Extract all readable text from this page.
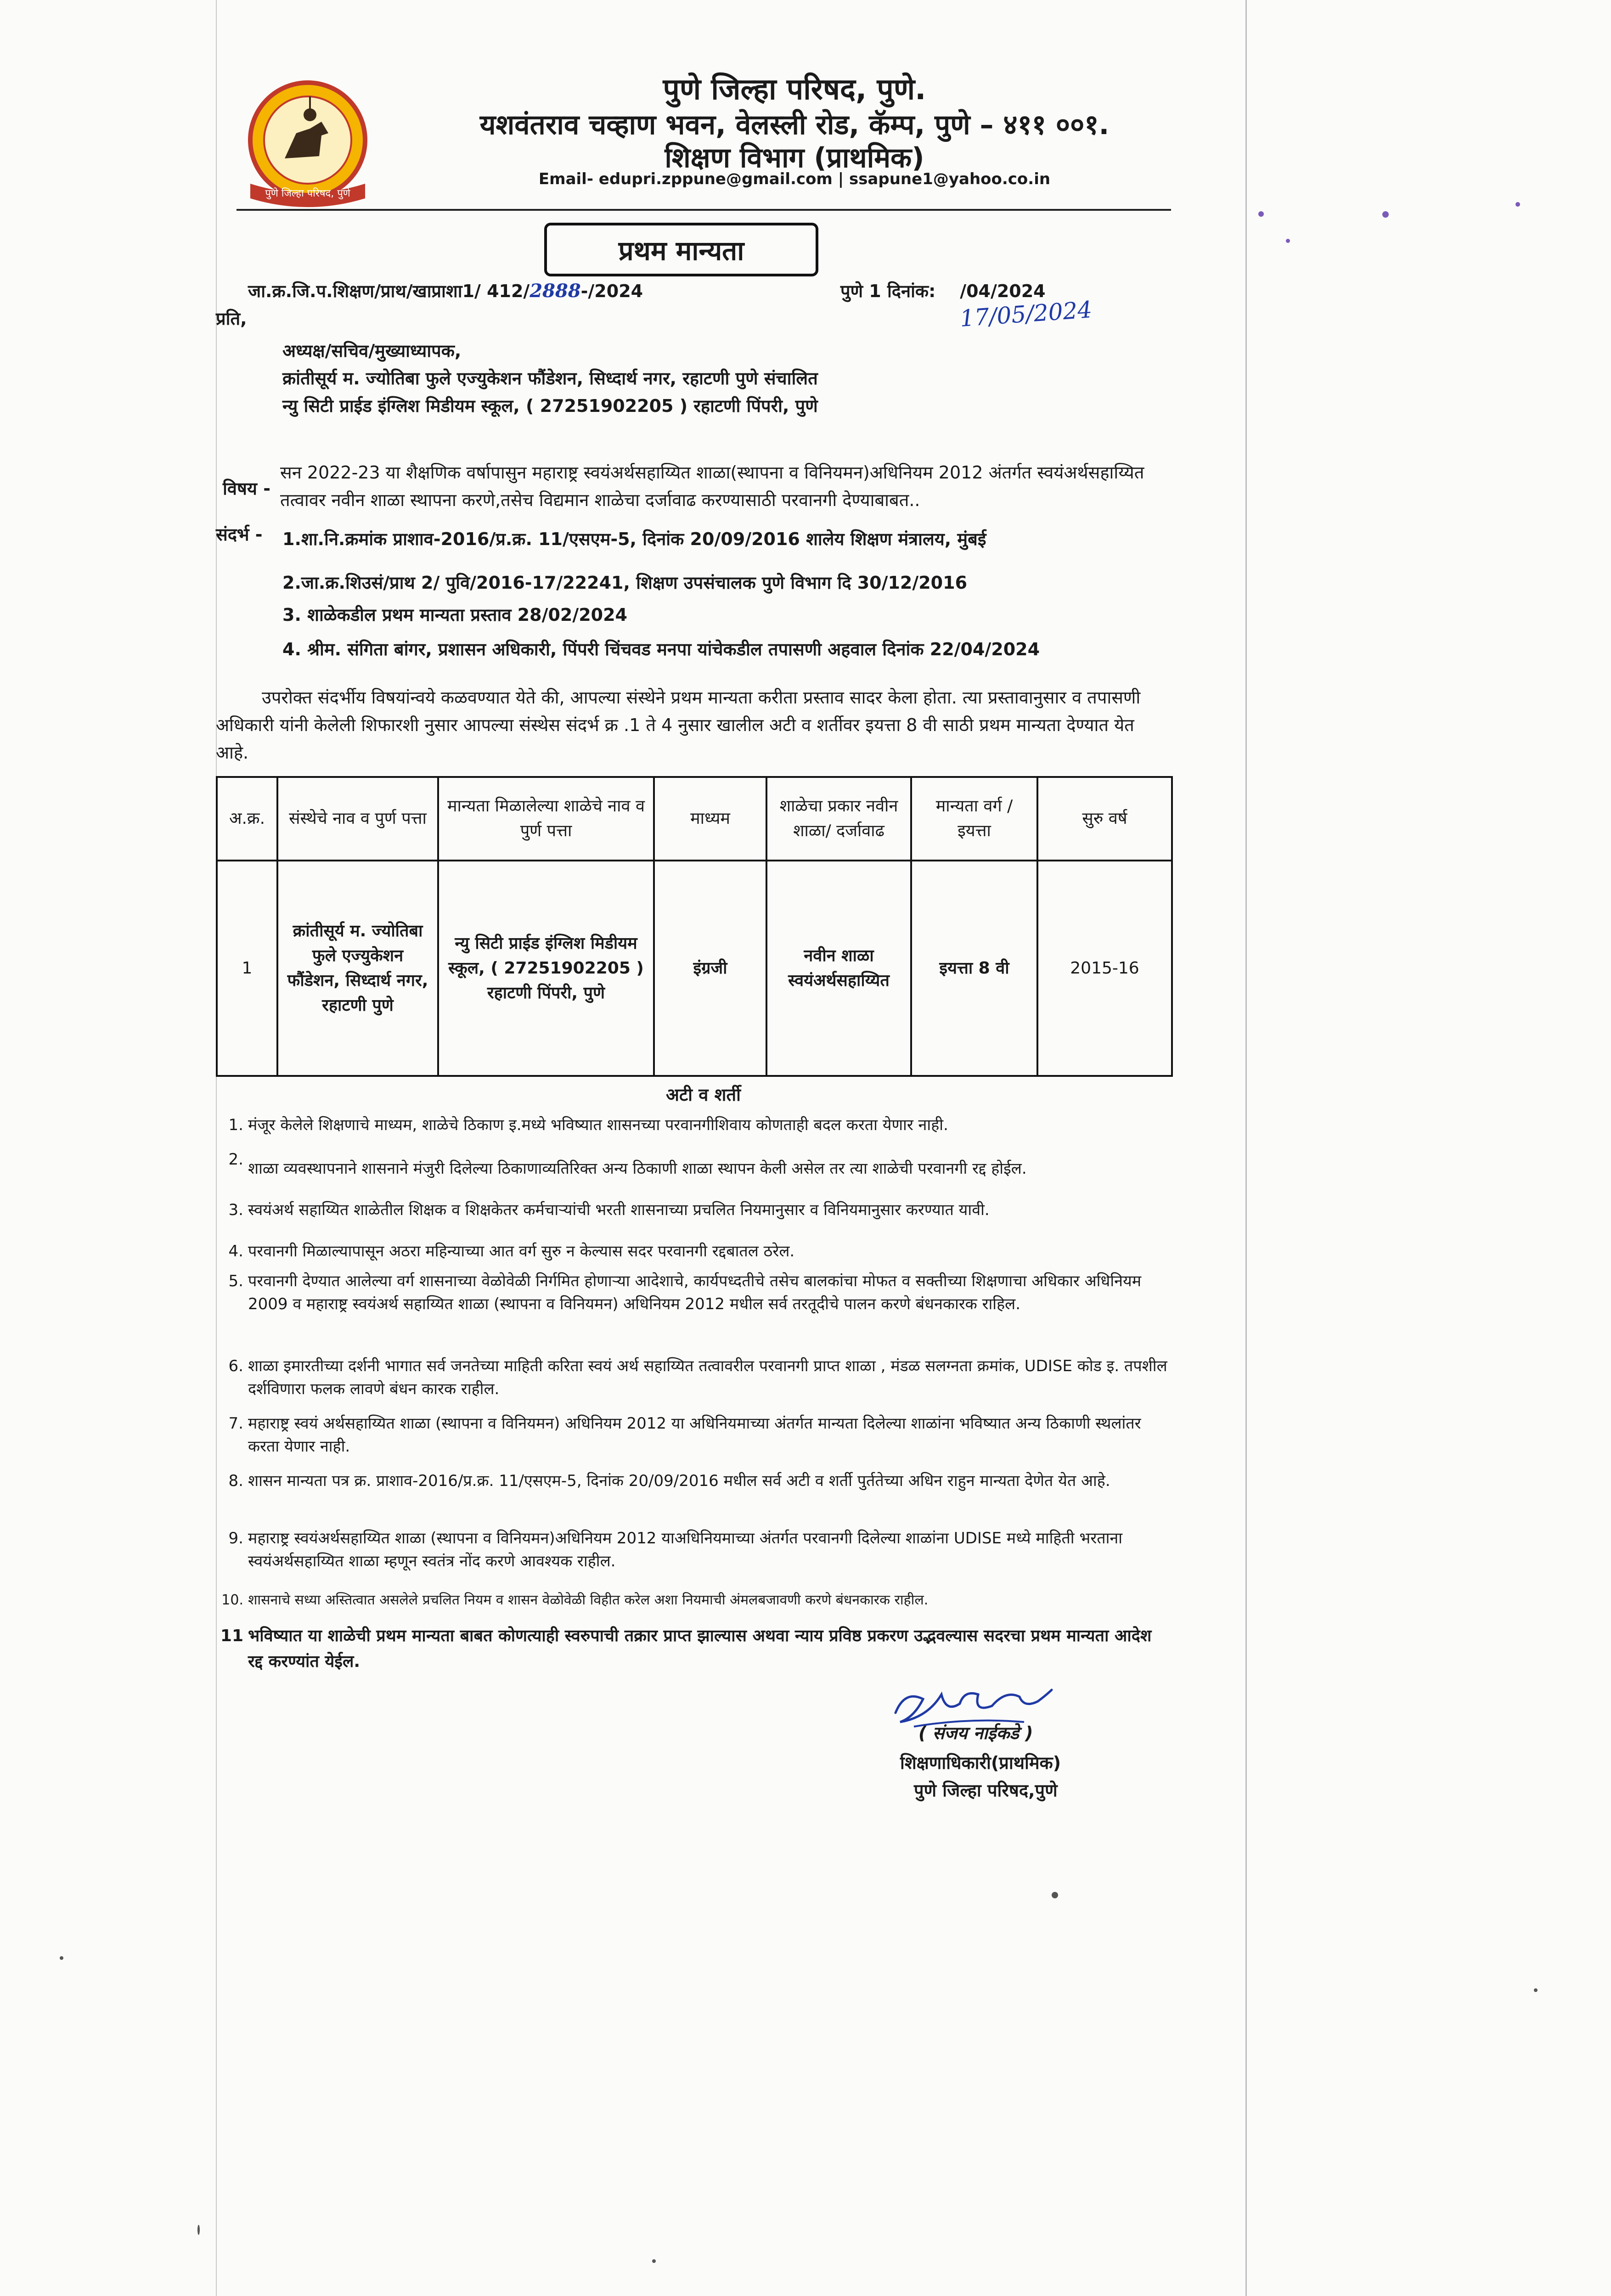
पुणे जिल्हा परिषद, पुणे
पुणे जिल्हा परिषद, पुणे.
यशवंतराव चव्हाण भवन, वेलस्ली रोड, कॅम्प, पुणे – ४११ ००१.
शिक्षण विभाग (प्राथमिक)
Email- edupri.zppune@gmail.com | ssapune1@yahoo.co.in
प्रथम मान्यता
जा.क्र.जि.प.शिक्षण/प्राथ/खाप्राशा1/ 412/2888-/2024	पुणे 1 दिनांक: /04/2024
17/05/2024
प्रति,
अध्यक्ष/सचिव/मुख्याध्यापक,
क्रांतीसूर्य म. ज्योतिबा फुले एज्युकेशन फौंडेशन, सिध्दार्थ नगर, रहाटणी पुणे संचालित
न्यु सिटी प्राईड इंग्लिश मिडीयम स्कूल, ( 27251902205 ) रहाटणी पिंपरी, पुणे
विषय -
सन 2022-23 या शैक्षणिक वर्षापासुन महाराष्ट्र स्वयंअर्थसहाय्यित शाळा(स्थापना व विनियमन)अधिनियम 2012 अंतर्गत स्वयंअर्थसहाय्यित
तत्वावर नवीन शाळा स्थापना करणे,तसेच विद्यमान शाळेचा दर्जावाढ करण्यासाठी परवानगी देण्याबाबत..
संदर्भ - 1.शा.नि.क्रमांक प्राशाव-2016/प्र.क्र. 11/एसएम-5, दिनांक 20/09/2016 शालेय शिक्षण मंत्रालय, मुंबई
2.जा.क्र.शिउसं/प्राथ 2/ पुवि/2016-17/22241, शिक्षण उपसंचालक पुणे विभाग दि 30/12/2016
3. शाळेकडील प्रथम मान्यता प्रस्ताव 28/02/2024
4. श्रीम. संगिता बांगर, प्रशासन अधिकारी, पिंपरी चिंचवड मनपा यांचेकडील तपासणी अहवाल दिनांक 22/04/2024
उपरोक्त संदर्भीय विषयांन्वये कळवण्यात येते की, आपल्या संस्थेने प्रथम मान्यता करीता प्रस्ताव सादर केला होता. त्या प्रस्तावानुसार व तपासणी
अधिकारी यांनी केलेली शिफारशी नुसार आपल्या संस्थेस संदर्भ क्र .1 ते 4 नुसार खालील अटी व शर्तीवर इयत्ता 8 वी साठी प्रथम मान्यता देण्यात येत
आहे.
अ.क्र.	संस्थेचे नाव व पुर्ण पत्ता	मान्यता मिळालेल्या शाळेचे नाव व पुर्ण पत्ता	माध्यम	शाळेचा प्रकार नवीन शाळा/ दर्जावाढ	मान्यता वर्ग / इयत्ता	सुरु वर्ष
1	क्रांतीसूर्य म. ज्योतिबा फुले एज्युकेशन फौंडेशन, सिध्दार्थ नगर, रहाटणी पुणे	न्यु सिटी प्राईड इंग्लिश मिडीयम स्कूल, ( 27251902205 ) रहाटणी पिंपरी, पुणे	इंग्रजी	नवीन शाळा स्वयंअर्थसहाय्यित	इयत्ता 8 वी	2015-16
अटी व शर्ती
1. मंजूर केलेले शिक्षणाचे माध्यम, शाळेचे ठिकाण इ.मध्ये भविष्यात शासनच्या परवानगीशिवाय कोणताही बदल करता येणार नाही.
2. शाळा व्यवस्थापनाने शासनाने मंजुरी दिलेल्या ठिकाणाव्यतिरिक्त अन्य ठिकाणी शाळा स्थापन केली असेल तर त्या शाळेची परवानगी रद्द होईल.
3. स्वयंअर्थ सहाय्यित शाळेतील शिक्षक व शिक्षकेतर कर्मचाऱ्यांची भरती शासनाच्या प्रचलित नियमानुसार व विनियमानुसार करण्यात यावी.
4. परवानगी मिळाल्यापासून अठरा महिन्याच्या आत वर्ग सुरु न केल्यास सदर परवानगी रद्दबातल ठरेल.
5. परवानगी देण्यात आलेल्या वर्ग शासनाच्या वेळोवेळी निर्गमित होणाऱ्या आदेशाचे, कार्यपध्दतीचे तसेच बालकांचा मोफत व सक्तीच्या शिक्षणाचा अधिकार अधिनियम 2009 व महाराष्ट्र स्वयंअर्थ सहाय्यित शाळा (स्थापना व विनियमन) अधिनियम 2012 मधील सर्व तरतूदीचे पालन करणे बंधनकारक राहिल.
6. शाळा इमारतीच्या दर्शनी भागात सर्व जनतेच्या माहिती करिता स्वयं अर्थ सहाय्यित तत्वावरील परवानगी प्राप्त शाळा , मंडळ सलग्नता क्रमांक, UDISE कोड इ. तपशील दर्शविणारा फलक लावणे बंधन कारक राहील.
7. महाराष्ट्र स्वयं अर्थसहाय्यित शाळा (स्थापना व विनियमन) अधिनियम 2012 या अधिनियमाच्या अंतर्गत मान्यता दिलेल्या शाळांना भविष्यात अन्य ठिकाणी स्थलांतर करता येणार नाही.
8. शासन मान्यता पत्र क्र. प्राशाव-2016/प्र.क्र. 11/एसएम-5, दिनांक 20/09/2016 मधील सर्व अटी व शर्ती पुर्ततेच्या अधिन राहुन मान्यता देणेत येत आहे.
9. महाराष्ट्र स्वयंअर्थसहाय्यित शाळा (स्थापना व विनियमन)अधिनियम 2012 याअधिनियमाच्या अंतर्गत परवानगी दिलेल्या शाळांना UDISE मध्ये माहिती भरताना स्वयंअर्थसहाय्यित शाळा म्हणून स्वतंत्र नोंद करणे आवश्यक राहील.
10. शासनाचे सध्या अस्तित्वात असलेले प्रचलित नियम व शासन वेळोवेळी विहीत करेल अशा नियमाची अंमलबजावणी करणे बंधनकारक राहील.
11 भविष्यात या शाळेची प्रथम मान्यता बाबत कोणत्याही स्वरुपाची तक्रार प्राप्त झाल्यास अथवा न्याय प्रविष्ठ प्रकरण उद्भवल्यास सदरचा प्रथम मान्यता आदेश रद्द करण्यांत येईल.
( संजय नाईकडे )
शिक्षणाधिकारी(प्राथमिक)
पुणे जिल्हा परिषद,पुणे
